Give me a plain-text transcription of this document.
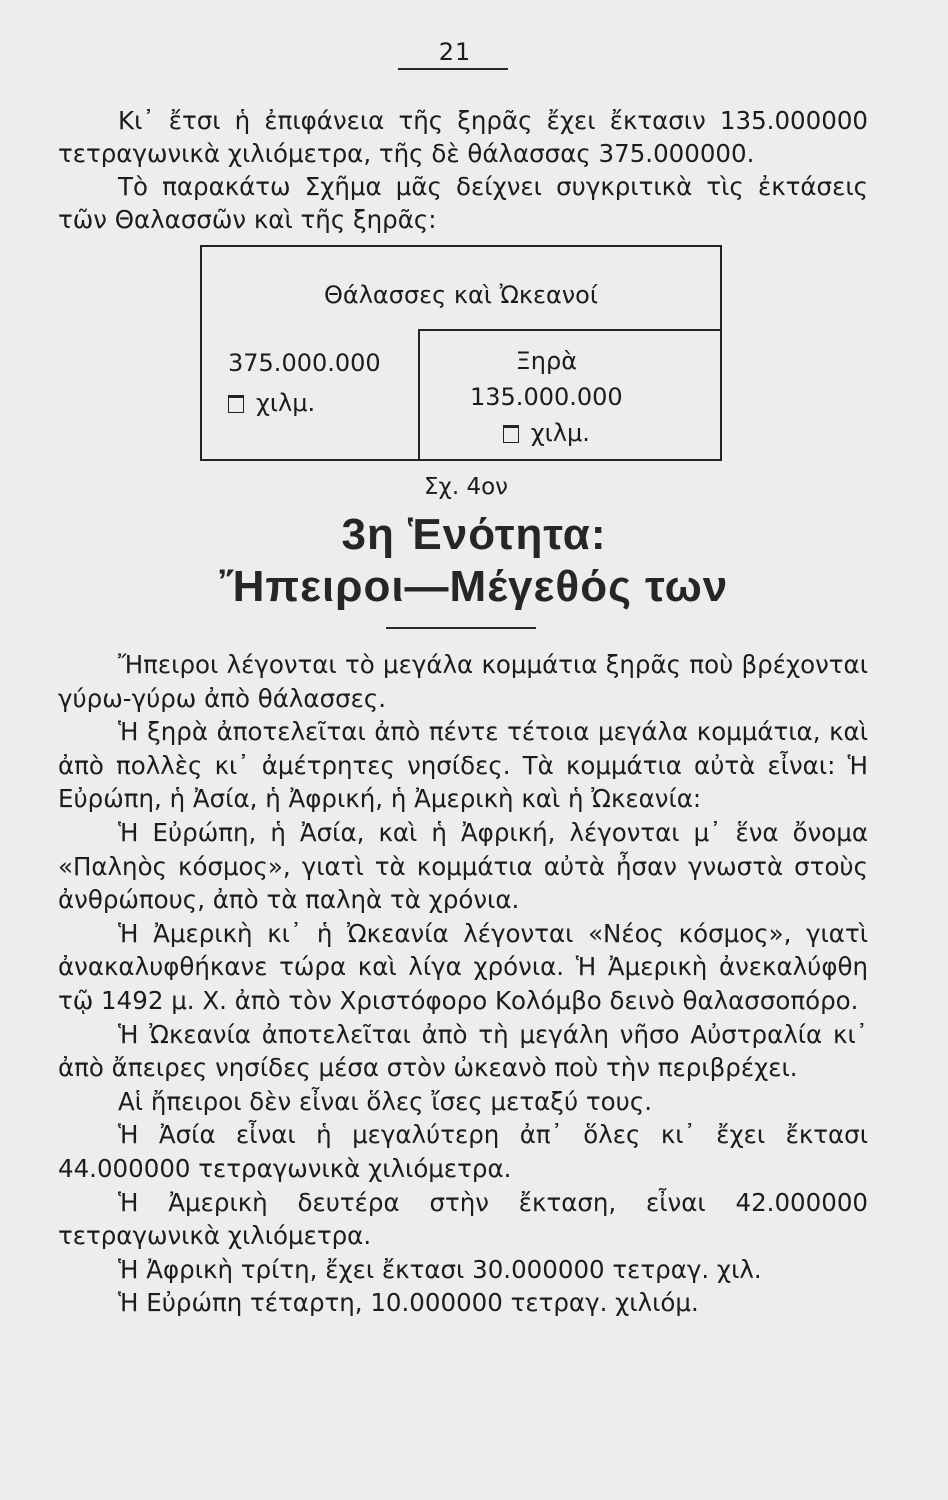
21

Κι᾽ ἔτσι ἡ ἐπιφάνεια τῆς ξηρᾶς ἔχει ἔκτασιν 135.000000 τετραγωνικὰ χιλιόμετρα, τῆς δὲ θάλασσας 375.000000.

Τὸ παρακάτω Σχῆμα μᾶς δείχνει συγκριτικὰ τὶς ἐκτάσεις τῶν Θαλασσῶν καὶ τῆς ξηρᾶς:

Θάλασσες καὶ Ὠκεανοί
375.000.000
χιλμ.
Ξηρὰ
135.000.000
χιλμ.
Σχ. 4ον
3η Ἑνότητα:
Ἤπειροι—Μέγεθός των

Ἤπειροι λέγονται τὸ μεγάλα κομμάτια ξηρᾶς ποὺ βρέχονται γύρω-γύρω ἀπὸ θάλασσες.

Ἡ ξηρὰ ἀποτελεῖται ἀπὸ πέντε τέτοια μεγάλα κομμάτια, καὶ ἀπὸ πολλὲς κι᾽ ἀμέτρητες νησίδες. Τὰ κομμάτια αὐτὰ εἶναι: Ἡ Εὐρώπη, ἡ Ἀσία, ἡ Ἀφρική, ἡ Ἀμερικὴ καὶ ἡ Ὠκεανία:

Ἡ Εὐρώπη, ἡ Ἀσία, καὶ ἡ Ἀφρική, λέγονται μ᾽ ἕνα ὄνομα «Παληὸς κόσμος», γιατὶ τὰ κομμάτια αὐτὰ ἦσαν γνωστὰ στοὺς ἀνθρώπους, ἀπὸ τὰ παληὰ τὰ χρόνια.

Ἡ Ἀμερικὴ κι᾽ ἡ Ὠκεανία λέγονται «Νέος κόσμος», γιατὶ ἀνακαλυφθήκανε τώρα καὶ λίγα χρόνια. Ἡ Ἀμερικὴ ἀνεκαλύφθη τῷ 1492 μ. Χ. ἀπὸ τὸν Χριστόφορο Κολόμβο δεινὸ θαλασσοπόρο.

Ἡ Ὠκεανία ἀποτελεῖται ἀπὸ τὴ μεγάλη νῆσο Αὐστραλία κι᾽ ἀπὸ ἄπειρες νησίδες μέσα στὸν ὠκεανὸ ποὺ τὴν περιβρέχει.

Αἱ ἤπειροι δὲν εἶναι ὅλες ἴσες μεταξύ τους.

Ἡ Ἀσία εἶναι ἡ μεγαλύτερη ἀπ᾽ ὅλες κι᾽ ἔχει ἔκτασι 44.000000 τετραγωνικὰ χιλιόμετρα.

Ἡ Ἀμερικὴ δευτέρα στὴν ἔκταση, εἶναι 42.000000 τετραγωνικὰ χιλιόμετρα.

Ἡ Ἀφρικὴ τρίτη, ἔχει ἔκτασι 30.000000 τετραγ. χιλ.

Ἡ Εὐρώπη τέταρτη, 10.000000 τετραγ. χιλιόμ.
